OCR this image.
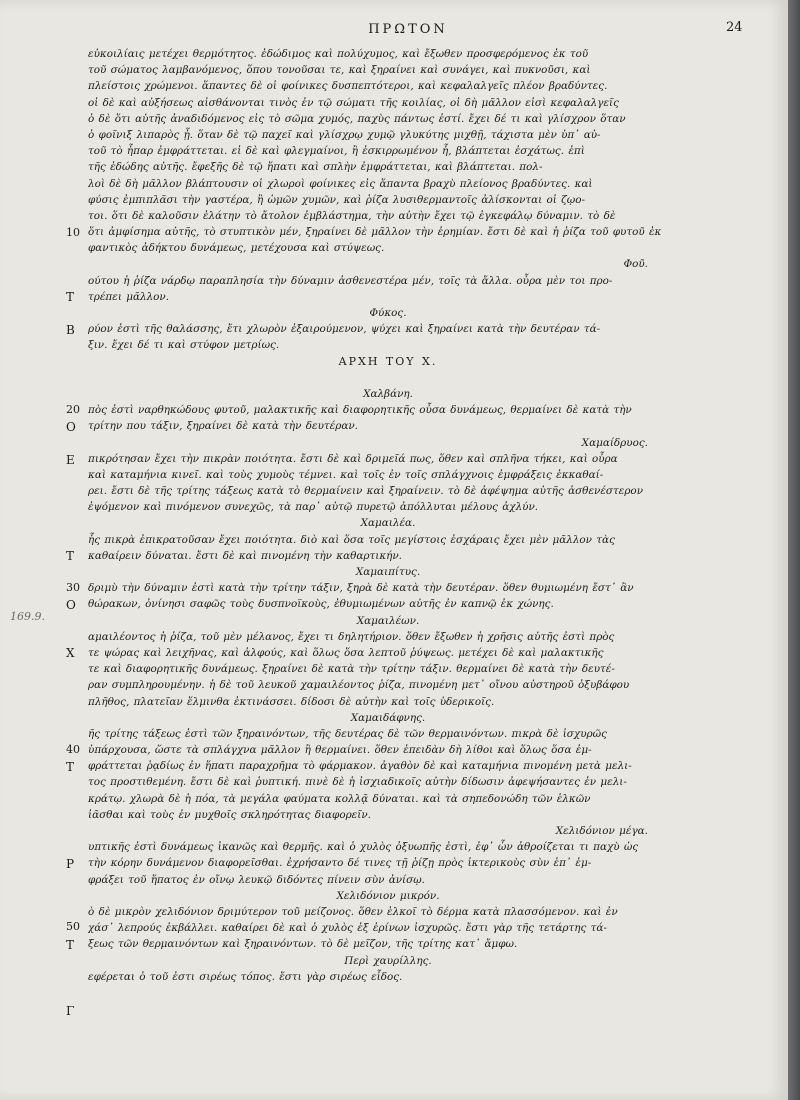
ΠΡΩΤΟΝ	24
169.9.
10
20
30
40
50
Τ
Β
Ο
Ε
Τ
Ο
Χ
Τ
Ρ
Τ
Γ
εὐκοιλίαις μετέχει θερμότητος. ἐδώδιμος καὶ πολύχυμος, καὶ ἔξωθεν προσφερόμενος ἐκ τοῦ
τοῦ σώματος λαμβανόμενος, ὅπου τονοῦσαι τε, καὶ ξηραίνει καὶ συνάγει, καὶ πυκνοῦσι, καὶ
πλείστοις χρώμενοι. ἅπαντες δὲ οἱ φοίνικες δυσπεπτότεροι, καὶ κεφαλαλγεῖς πλέον βραδύντες.
οἱ δὲ καὶ αὐξήσεως αἰσθάνονται τινὸς ἐν τῷ σώματι τῆς κοιλίας, οἱ δὴ μᾶλλον εἰσὶ κεφαλαλγεῖς
ὁ δὲ ὅτι αὐτῆς ἀναδιδόμενος εἰς τὸ σῶμα χυμός, παχὺς πάντως ἐστί. ἔχει δέ τι καὶ γλίσχρον ὅταν
ὁ φοῖνιξ λιπαρὸς ᾖ. ὅταν δὲ τῷ παχεῖ καὶ γλίσχρῳ χυμῷ γλυκύτης μιχθῇ, τάχιστα μὲν ὑπ᾽ αὐ-
τοῦ τὸ ἧπαρ ἐμφράττεται. εἰ δὲ καὶ φλεγμαίνοι, ἢ ἐσκιρρωμένον ἦ, βλάπτεται ἐσχάτως. ἐπὶ
τῆς ἐδώδης αὐτῆς. ἔφεξῆς δὲ τῷ ἥπατι καὶ σπλὴν ἐμφράττεται, καὶ βλάπτεται. πολ-
λοὶ δὲ δὴ μᾶλλον βλάπτουσιν οἱ χλωροὶ φοίνικες εἰς ἅπαντα βραχὺ πλείονος βραδύντες. καὶ
φύσις ἐμπιπλᾶσι τὴν γαστέρα, ἢ ὡμῶν χυμῶν, καὶ ῥίζα λυσιθερμαντοῖς ἀλίσκονται οἱ ζῳο-
τοι. ὅτι δὲ καλοῦσιν ἐλάτην τὸ ἄτολον ἐμβλάστημα, τὴν αὐτὴν ἔχει τῷ ἐγκεφάλῳ δύναμιν. τὸ δὲ
ὅτι ἀμφίσημα αὐτῆς, τὸ στυπτικὸν μέν, ξηραίνει δὲ μᾶλλον τὴν ἐρημίαν. ἔστι δὲ καὶ ἡ ῥίζα τοῦ φυτοῦ ἐκ
φαντικὸς ἀδήκτου δυνάμεως, μετέχουσα καὶ στύψεως.
Φοῦ.
ούτου ἡ ῥίζα νάρδῳ παραπλησία τὴν δύναμιν ἀσθενεστέρα μέν, τοῖς τὰ ἄλλα. οὖρα μὲν τοι προ-
τρέπει μᾶλλον.
Φύκος.
ρύον ἐστὶ τῆς θαλάσσης, ἔτι χλωρὸν ἐξαιρούμενον, ψύχει καὶ ξηραίνει κατὰ τὴν δευτέραν τά-
ξιν. ἔχει δέ τι καὶ στύφον μετρίως.
ΑΡΧΗ ΤΟΥ Χ.
Χαλβάνη.
πὸς ἐστὶ ναρθηκώδους φυτοῦ, μαλακτικῆς καὶ διαφορητικῆς οὖσα δυνάμεως, θερμαίνει δὲ κατὰ τὴν
τρίτην που τάξιν, ξηραίνει δὲ κατὰ τὴν δευτέραν.
Χαμαίδρυος.
πικρότησαν ἔχει τὴν πικρὰν ποιότητα. ἔστι δὲ καὶ δριμεῖά πως, ὅθεν καὶ σπλῆνα τήκει, καὶ οὖρα
καὶ καταμήνια κινεῖ. καὶ τοὺς χυμοὺς τέμνει. καὶ τοῖς ἐν τοῖς σπλάγχνοις ἐμφράξεις ἐκκαθαί-
ρει. ἔστι δὲ τῆς τρίτης τάξεως κατὰ τὸ θερμαίνειν καὶ ξηραίνειν. τὸ δὲ ἀφέψημα αὐτῆς ἀσθενέστερον
ἐψόμενον καὶ πινόμενον συνεχῶς, τὰ παρ᾽ αὐτῷ πυρετῷ ἀπόλλυται μέλους ἀχλύν.
Χαμαιλέα.
ἧς πικρὰ ἐπικρατοῦσαν ἔχει ποιότητα. διὸ καὶ ὅσα τοῖς μεγίστοις ἐσχάραις ἔχει μὲν μᾶλλον τὰς
καθαίρειν δύναται. ἔστι δὲ καὶ πινομένη τὴν καθαρτικήν.
Χαμαιπίτυς.
δριμὺ τὴν δύναμιν ἐστὶ κατὰ τὴν τρίτην τάξιν, ξηρὰ δὲ κατὰ τὴν δευτέραν. ὅθεν θυμιωμένη ἔστ᾽ ἂν
θώρακων, ὀνίνησι σαφῶς τοὺς δυσπνοϊκοὺς, ἐθυμιωμένων αὐτῆς ἐν καπνῷ ἐκ χώνης.
Χαμαιλέων.
αμαιλέοντος ἡ ῥίζα, τοῦ μὲν μέλανος, ἔχει τι δηλητήριον. ὅθεν ἔξωθεν ἡ χρῆσις αὐτῆς ἐστὶ πρὸς
τε ψώρας καὶ λειχῆνας, καὶ ἀλφούς, καὶ ὅλως ὅσα λεπτοῦ ῥύψεως. μετέχει δὲ καὶ μαλακτικῆς
τε καὶ διαφορητικῆς δυνάμεως. ξηραίνει δὲ κατὰ τὴν τρίτην τάξιν. θερμαίνει δὲ κατὰ τὴν δευτέ-
ραν συμπληρουμένην. ἡ δὲ τοῦ λευκοῦ χαμαιλέοντος ῥίζα, πινομένη μετ᾽ οἴνου αὐστηροῦ ὀξυβάφου
πλῆθος, πλατεῖαν ἕλμινθα ἐκτινάσσει. δίδοσι δὲ αὐτὴν καὶ τοῖς ὑδερικοῖς.
Χαμαιδάφνης.
ῆς τρίτης τάξεως ἐστὶ τῶν ξηραινόντων, τῆς δευτέρας δὲ τῶν θερμαινόντων. πικρὰ δὲ ἰσχυρῶς
ὑπάρχουσα, ὥστε τὰ σπλάγχνα μᾶλλον ἢ θερμαίνει. ὅθεν ἐπειδὰν δὴ λίθοι καὶ ὅλως ὅσα ἐμ-
φράττεται ῥᾳδίως ἐν ἥπατι παραχρῆμα τὸ φάρμακον. ἀγαθὸν δὲ καὶ καταμήνια πινομένη μετὰ μελι-
τος προστιθεμένη. ἔστι δὲ καὶ ῥυπτική. πινὲ δὲ ἡ ἰσχιαδικοῖς αὐτὴν δίδωσιν ἀφεψήσαντες ἐν μελι-
κράτῳ. χλωρὰ δὲ ἡ πόα, τὰ μεγάλα φαύματα κολλᾷ δύναται. καὶ τὰ σηπεδονώδη τῶν ἑλκῶν
ἰᾶσθαι καὶ τοὺς ἐν μυχθοῖς σκληρότητας διαφορεῖν.
Χελιδόνιον μέγα.
υπτικῆς ἐστὶ δυνάμεως ἱκανῶς καὶ θερμῆς. καὶ ὁ χυλὸς ὀξυωπῆς ἐστὶ, ἐφ᾽ ὧν ἀθροίζεται τι παχὺ ὡς
τὴν κόρην δυνάμενον διαφορεῖσθαι. ἐχρήσαντο δέ τινες τῇ ῥίζῃ πρὸς ἰκτερικοὺς σὺν ἐπ᾽ ἐμ-
φράξει τοῦ ἥπατος ἐν οἴνῳ λευκῷ διδόντες πίνειν σὺν ἀνίσῳ.
Χελιδόνιον μικρόν.
ὸ δὲ μικρὸν χελιδόνιον δριμύτερον τοῦ μείζονος. ὅθεν ἑλκοῖ τὸ δέρμα κατὰ πλασσόμενον. καὶ ἐν
χάσ᾽ λεπρούς ἐκβάλλει. καθαίρει δὲ καὶ ὁ χυλὸς ἐξ ἐρίνων ἰσχυρῶς. ἔστι γὰρ τῆς τετάρτης τά-
ξεως τῶν θερμαινόντων καὶ ξηραινόντων. τὸ δὲ μεῖζον, τῆς τρίτης κατ᾽ ἄμφω.
Περὶ χαυρίλλης.
εφέρεται ὁ τοῦ ἐστι σιρέως τόπος. ἔστι γὰρ σιρέως εἶδος.
